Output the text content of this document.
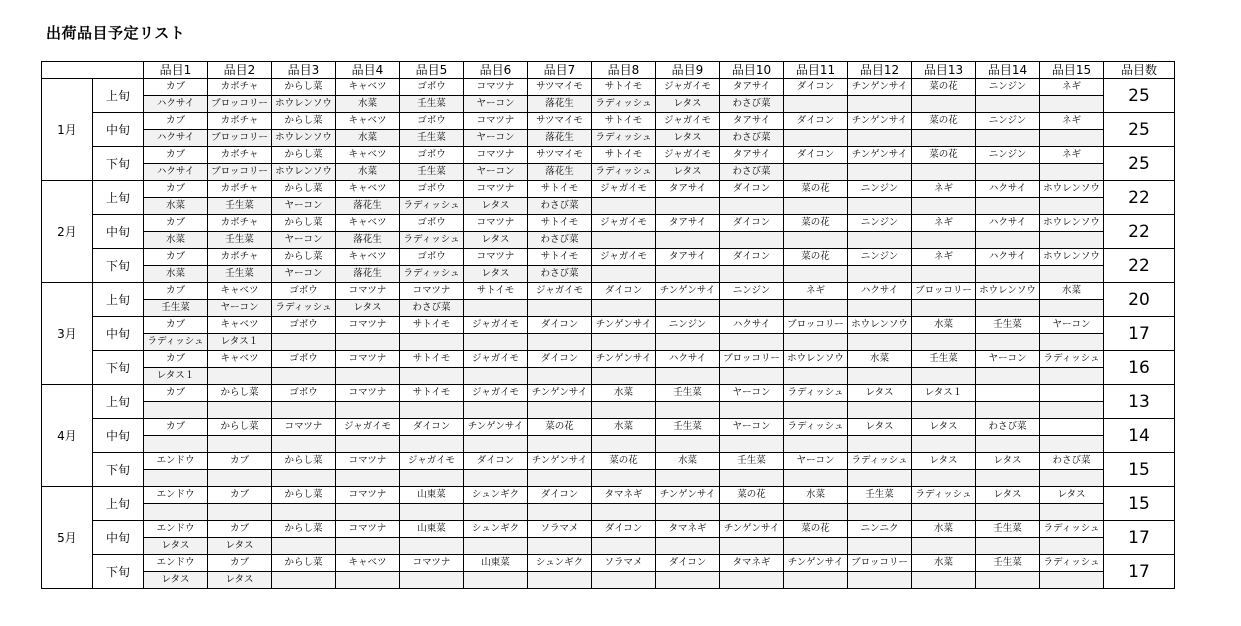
出荷品目予定リスト
		品目1	品目2	品目3	品目4	品目5	品目6	品目7	品目8	品目9	品目10	品目11	品目12	品目13	品目14	品目15	品目数
1月	上旬	カブ	カボチャ	からし菜	キャベツ	ゴボウ	コマツナ	サツマイモ	サトイモ	ジャガイモ	タアサイ	ダイコン	チンゲンサイ	菜の花	ニンジン	ネギ	25
		ハクサイ	ブロッコリー	ホウレンソウ	水菜	壬生菜	ヤーコン	落花生	ラディッシュ	レタス	わさび菜						
	中旬	カブ	カボチャ	からし菜	キャベツ	ゴボウ	コマツナ	サツマイモ	サトイモ	ジャガイモ	タアサイ	ダイコン	チンゲンサイ	菜の花	ニンジン	ネギ	25
		ハクサイ	ブロッコリー	ホウレンソウ	水菜	壬生菜	ヤーコン	落花生	ラディッシュ	レタス	わさび菜						
	下旬	カブ	カボチャ	からし菜	キャベツ	ゴボウ	コマツナ	サツマイモ	サトイモ	ジャガイモ	タアサイ	ダイコン	チンゲンサイ	菜の花	ニンジン	ネギ	25
		ハクサイ	ブロッコリー	ホウレンソウ	水菜	壬生菜	ヤーコン	落花生	ラディッシュ	レタス	わさび菜						
2月	上旬	カブ	カボチャ	からし菜	キャベツ	ゴボウ	コマツナ	サトイモ	ジャガイモ	タアサイ	ダイコン	菜の花	ニンジン	ネギ	ハクサイ	ホウレンソウ	22
		水菜	壬生菜	ヤーコン	落花生	ラディッシュ	レタス	わさび菜									
	中旬	カブ	カボチャ	からし菜	キャベツ	ゴボウ	コマツナ	サトイモ	ジャガイモ	タアサイ	ダイコン	菜の花	ニンジン	ネギ	ハクサイ	ホウレンソウ	22
		水菜	壬生菜	ヤーコン	落花生	ラディッシュ	レタス	わさび菜									
	下旬	カブ	カボチャ	からし菜	キャベツ	ゴボウ	コマツナ	サトイモ	ジャガイモ	タアサイ	ダイコン	菜の花	ニンジン	ネギ	ハクサイ	ホウレンソウ	22
		水菜	壬生菜	ヤーコン	落花生	ラディッシュ	レタス	わさび菜									
3月	上旬	カブ	キャベツ	ゴボウ	コマツナ	コマツナ	サトイモ	ジャガイモ	ダイコン	チンゲンサイ	ニンジン	ネギ	ハクサイ	ブロッコリー	ホウレンソウ	水菜	20
		壬生菜	ヤーコン	ラディッシュ	レタス	わさび菜											
	中旬	カブ	キャベツ	ゴボウ	コマツナ	サトイモ	ジャガイモ	ダイコン	チンゲンサイ	ニンジン	ハクサイ	ブロッコリー	ホウレンソウ	水菜	壬生菜	ヤーコン	17
		ラディッシュ	レタス１														
	下旬	カブ	キャベツ	ゴボウ	コマツナ	サトイモ	ジャガイモ	ダイコン	チンゲンサイ	ハクサイ	ブロッコリー	ホウレンソウ	水菜	壬生菜	ヤーコン	ラディッシュ	16
		レタス１															
4月	上旬	カブ	からし菜	ゴボウ	コマツナ	サトイモ	ジャガイモ	チンゲンサイ	水菜	壬生菜	ヤーコン	ラディッシュ	レタス	レタス１			13

	中旬	カブ	からし菜	コマツナ	ジャガイモ	ダイコン	チンゲンサイ	菜の花	水菜	壬生菜	ヤーコン	ラディッシュ	レタス	レタス	わさび菜		14

	下旬	エンドウ	カブ	からし菜	コマツナ	ジャガイモ	ダイコン	チンゲンサイ	菜の花	水菜	壬生菜	ヤーコン	ラディッシュ	レタス	レタス	わさび菜	15

5月	上旬	エンドウ	カブ	からし菜	コマツナ	山東菜	シュンギク	ダイコン	タマネギ	チンゲンサイ	菜の花	水菜	壬生菜	ラディッシュ	レタス	レタス	15

	中旬	エンドウ	カブ	からし菜	コマツナ	山東菜	シュンギク	ソラマメ	ダイコン	タマネギ	チンゲンサイ	菜の花	ニンニク	水菜	壬生菜	ラディッシュ	17
		レタス	レタス														
	下旬	エンドウ	カブ	からし菜	キャベツ	コマツナ	山東菜	シュンギク	ソラマメ	ダイコン	タマネギ	チンゲンサイ	ブロッコリー	水菜	壬生菜	ラディッシュ	17
		レタス	レタス														
